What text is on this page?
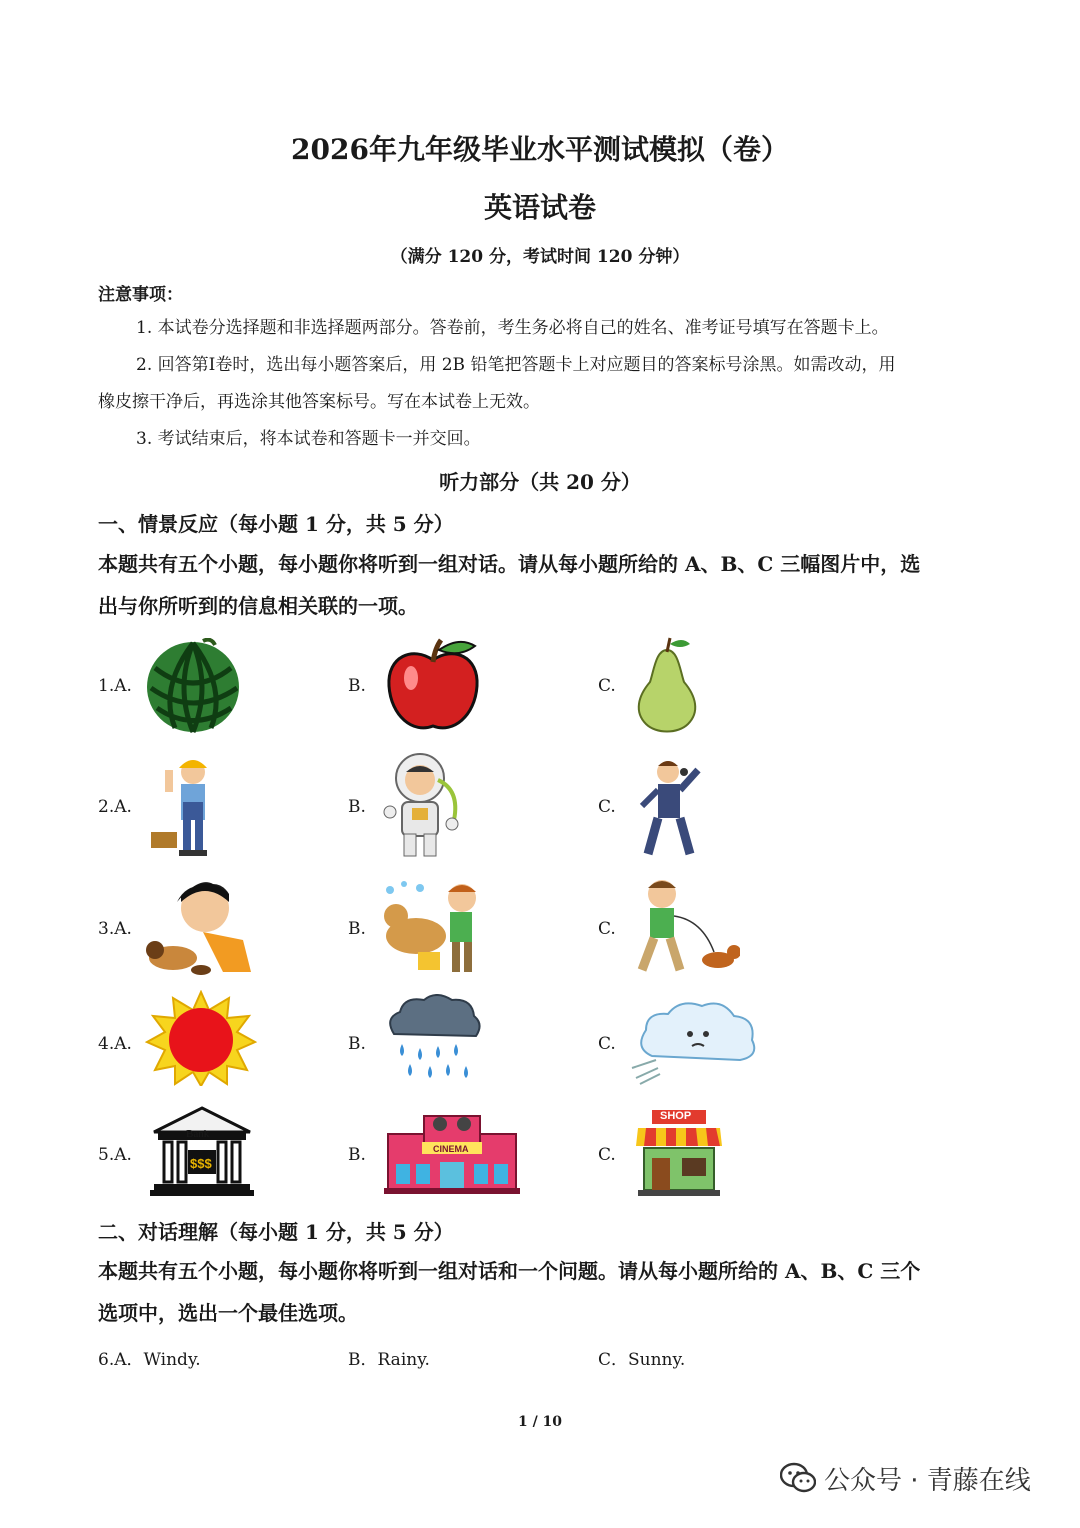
2026年九年级毕业水平测试模拟（卷）
英语试卷
（满分 120 分，考试时间 120 分钟）
注意事项：
1. 本试卷分选择题和非选择题两部分。答卷前，考生务必将自己的姓名、准考证号填写在答题卡上。
2. 回答第I卷时，选出每小题答案后，用 2B 铅笔把答题卡上对应题目的答案标号涂黑。如需改动，用
橡皮擦干净后，再选涂其他答案标号。写在本试卷上无效。
3. 考试结束后，将本试卷和答题卡一并交回。
听力部分（共 20 分）
一、情景反应（每小题 1 分，共 5 分）
本题共有五个小题，每小题你将听到一组对话。请从每小题所给的 A、B、C 三幅图片中，选
出与你所听到的信息相关联的一项。
1.A.	B.	C.
2.A.	B.	C.
3.A.	B.	C.
4.A.	B.	C.
5.A.	B.	C.
Bank
$$$
CINEMA
SHOP
二、对话理解（每小题 1 分，共 5 分）
本题共有五个小题，每小题你将听到一组对话和一个问题。请从每小题所给的 A、B、C 三个
选项中，选出一个最佳选项。
6.A．Windy.	B．Rainy.	C．Sunny.
1 / 10
公众号 · 青藤在线
